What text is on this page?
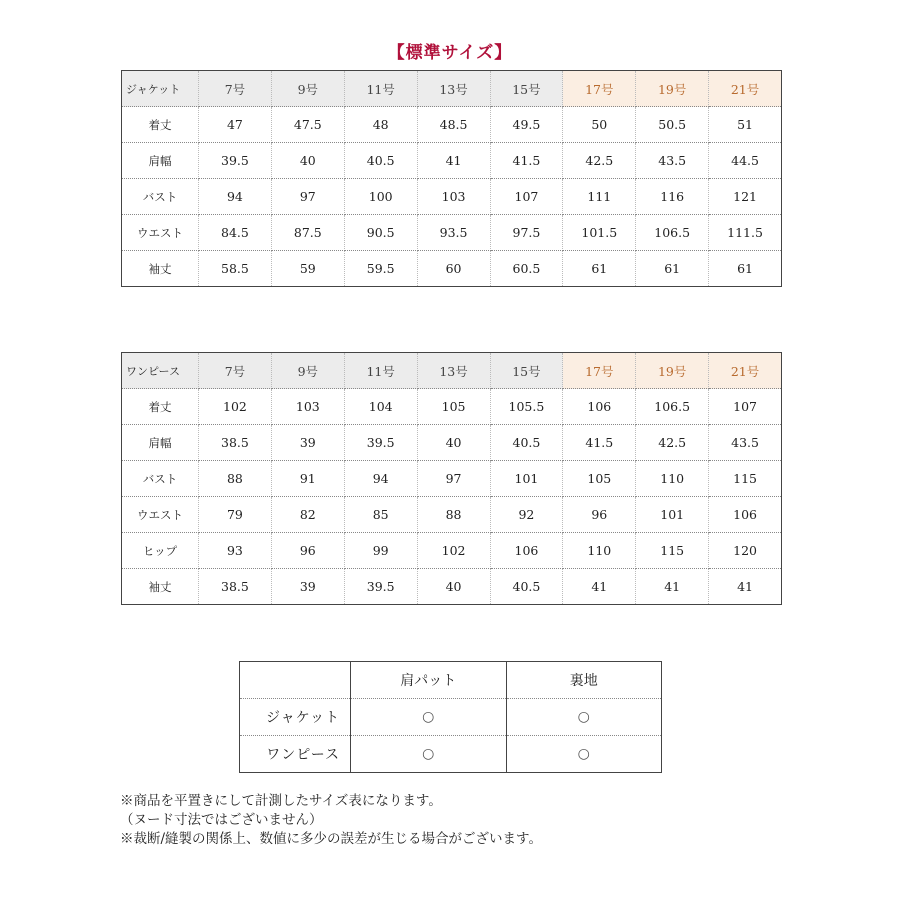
【標準サイズ】
ジャケット	7号	9号	11号	13号	15号	17号	19号	21号
着丈	47	47.5	48	48.5	49.5	50	50.5	51
肩幅	39.5	40	40.5	41	41.5	42.5	43.5	44.5
バスト	94	97	100	103	107	111	116	121
ウエスト	84.5	87.5	90.5	93.5	97.5	101.5	106.5	111.5
袖丈	58.5	59	59.5	60	60.5	61	61	61
ワンピース	7号	9号	11号	13号	15号	17号	19号	21号
着丈	102	103	104	105	105.5	106	106.5	107
肩幅	38.5	39	39.5	40	40.5	41.5	42.5	43.5
バスト	88	91	94	97	101	105	110	115
ウエスト	79	82	85	88	92	96	101	106
ヒップ	93	96	99	102	106	110	115	120
袖丈	38.5	39	39.5	40	40.5	41	41	41
	肩パット	裏地
ジャケット	○	○
ワンピース	○	○
※商品を平置きにして計測したサイズ表になります。
（ヌード寸法ではございません）
※裁断/縫製の関係上、数値に多少の誤差が生じる場合がございます。
